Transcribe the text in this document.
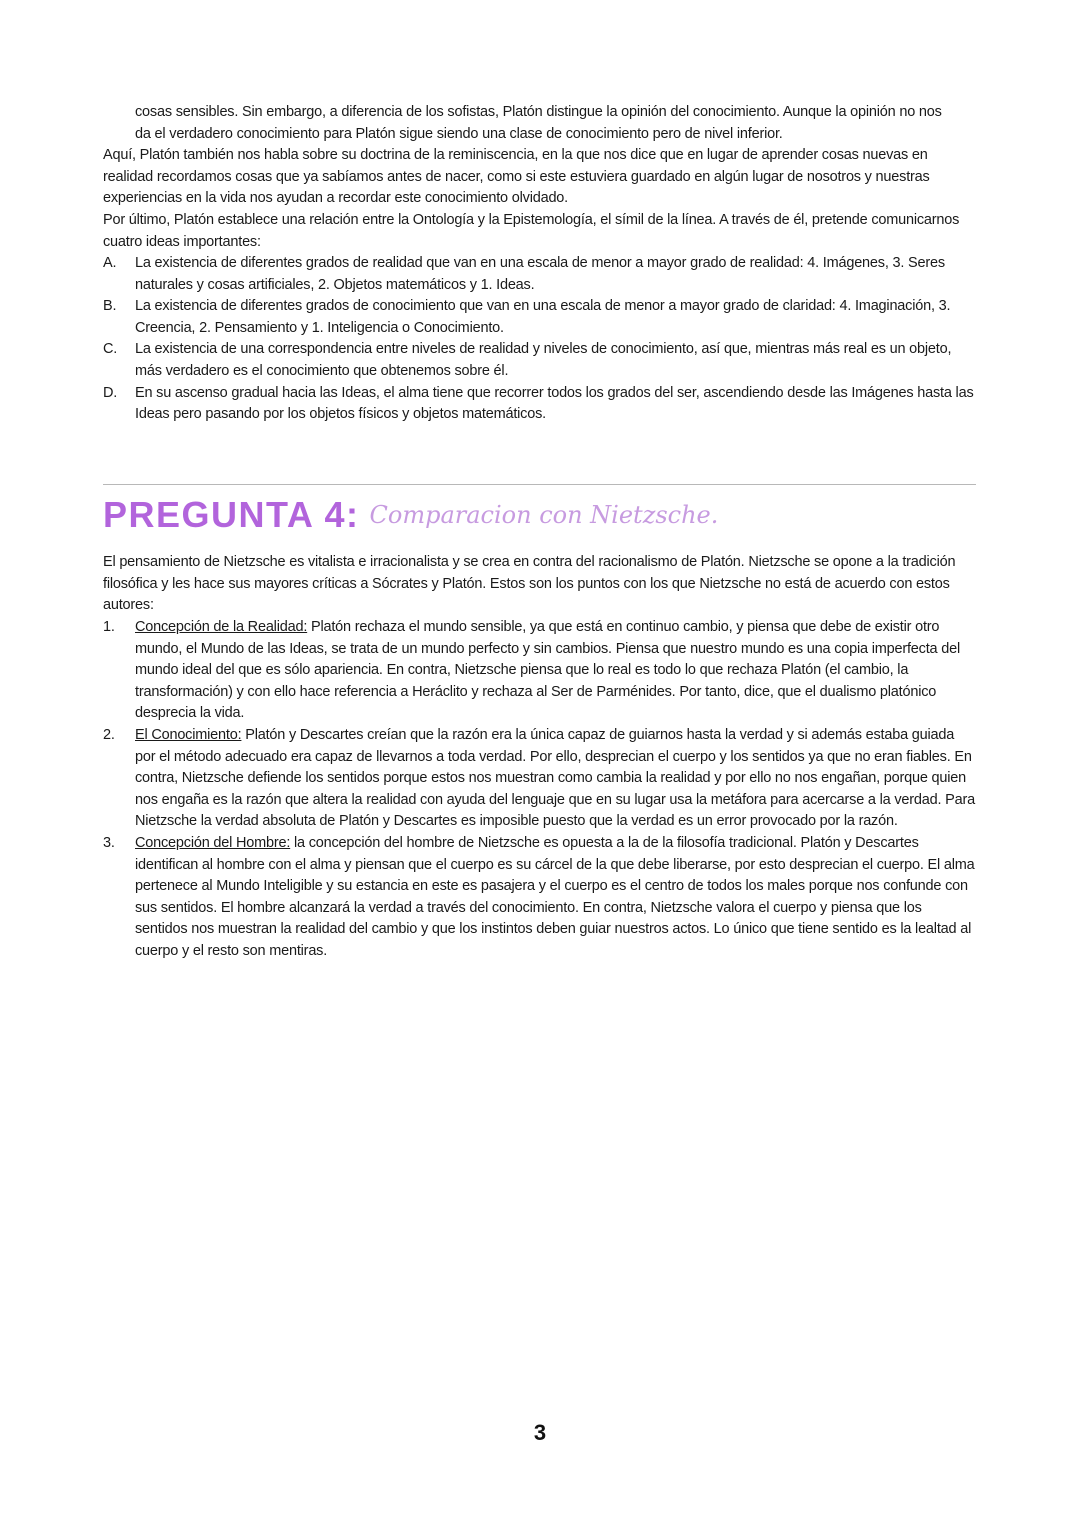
cosas sensibles. Sin embargo, a diferencia de los sofistas, Platón distingue la opinión del conocimiento. Aunque la opinión no nos da el verdadero conocimiento para Platón sigue siendo una clase de conocimiento pero de nivel inferior.

Aquí, Platón también nos habla sobre su doctrina de la reminiscencia, en la que nos dice que en lugar de aprender cosas nuevas en realidad recordamos cosas que ya sabíamos antes de nacer, como si este estuviera guardado en algún lugar de nosotros y nuestras experiencias en la vida nos ayudan a recordar este conocimiento olvidado.

Por último, Platón establece una relación entre la Ontología y la Epistemología, el símil de la línea. A través de él, pretende comunicarnos cuatro ideas importantes:

A.	La existencia de diferentes grados de realidad que van en una escala de menor a mayor grado de realidad: 4. Imágenes, 3. Seres naturales y cosas artificiales, 2. Objetos matemáticos y 1. Ideas.
B.	La existencia de diferentes grados de conocimiento que van en una escala de menor a mayor grado de claridad: 4. Imaginación, 3. Creencia, 2. Pensamiento y 1. Inteligencia o Conocimiento.
C.	La existencia de una correspondencia entre niveles de realidad y niveles de conocimiento, así que, mientras más real es un objeto, más verdadero es el conocimiento que obtenemos sobre él.
D.	En su ascenso gradual hacia las Ideas, el alma tiene que recorrer todos los grados del ser, ascendiendo desde las Imágenes hasta las Ideas pero pasando por los objetos físicos y objetos matemáticos.
PREGUNTA 4: Comparacion con Nietzsche.

El pensamiento de Nietzsche es vitalista e irracionalista y se crea en contra del racionalismo de Platón. Nietzsche se opone a la tradición filosófica y les hace sus mayores críticas a Sócrates y Platón. Estos son los puntos con los que Nietzsche no está de acuerdo con estos autores:

1.	Concepción de la Realidad: Platón rechaza el mundo sensible, ya que está en continuo cambio, y piensa que debe de existir otro mundo, el Mundo de las Ideas, se trata de un mundo perfecto y sin cambios. Piensa que nuestro mundo es una copia imperfecta del mundo ideal del que es sólo apariencia. En contra, Nietzsche piensa que lo real es todo lo que rechaza Platón (el cambio, la transformación) y con ello hace referencia a Heráclito y rechaza al Ser de Parménides. Por tanto, dice, que el dualismo platónico desprecia la vida.
2.	El Conocimiento: Platón y Descartes creían que la razón era la única capaz de guiarnos hasta la verdad y si además estaba guiada por el método adecuado era capaz de llevarnos a toda verdad. Por ello, desprecian el cuerpo y los sentidos ya que no eran fiables. En contra, Nietzsche defiende los sentidos porque estos nos muestran como cambia la realidad y por ello no nos engañan, porque quien nos engaña es la razón que altera la realidad con ayuda del lenguaje que en su lugar usa la metáfora para acercarse a la verdad. Para Nietzsche la verdad absoluta de Platón y Descartes es imposible puesto que la verdad es un error provocado por la razón.
3.	Concepción del Hombre: la concepción del hombre de Nietzsche es opuesta a la de la filosofía tradicional. Platón y Descartes identifican al hombre con el alma y piensan que el cuerpo es su cárcel de la que debe liberarse, por esto desprecian el cuerpo. El alma pertenece al Mundo Inteligible y su estancia en este es pasajera y el cuerpo es el centro de todos los males porque nos confunde con sus sentidos. El hombre alcanzará la verdad a través del conocimiento. En contra, Nietzsche valora el cuerpo y piensa que los sentidos nos muestran la realidad del cambio y que los instintos deben guiar nuestros actos. Lo único que tiene sentido es la lealtad al cuerpo y el resto son mentiras.
3
